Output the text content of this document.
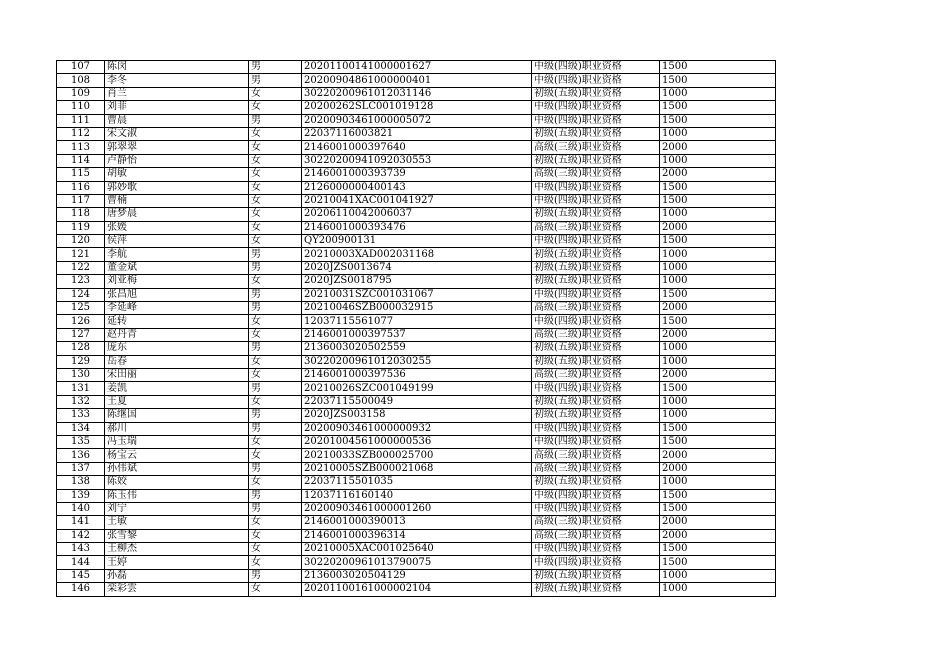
107	陈闵	男	20201100141000001627	中级(四级)职业资格	1500
108	李冬	男	20200904861000000401	中级(四级)职业资格	1500
109	肖兰	女	30220200961012031146	初级(五级)职业资格	1000
110	刘菲	女	20200262SLC001019128	中级(四级)职业资格	1500
111	曹晨	男	20200903461000005072	中级(四级)职业资格	1500
112	宋文淑	女	22037116003821	初级(五级)职业资格	1000
113	郭翠翠	女	2146001000397640	高级(三级)职业资格	2000
114	卢静怡	女	30220200941092030553	初级(五级)职业资格	1000
115	胡敏	女	2146001000393739	高级(三级)职业资格	2000
116	郭妙歌	女	2126000000400143	中级(四级)职业资格	1500
117	曹楠	女	20210041XAC001041927	中级(四级)职业资格	1500
118	唐梦晨	女	20206110042006037	初级(五级)职业资格	1000
119	张媛	女	2146001000393476	高级(三级)职业资格	2000
120	侯萍	女	QY200900131	中级(四级)职业资格	1500
121	李航	男	20210003XAD002031168	初级(五级)职业资格	1000
122	董金斌	男	2020JZS0013674	初级(五级)职业资格	1000
123	刘亚梅	女	2020JZS0018795	初级(五级)职业资格	1000
124	张昌旭	男	20210031SZC001031067	中级(四级)职业资格	1500
125	李延峰	男	20210046SZB000032915	高级(三级)职业资格	2000
126	延转	女	12037115561077	中级(四级)职业资格	1500
127	赵丹青	女	2146001000397537	高级(三级)职业资格	2000
128	庞东	男	2136003020502559	初级(五级)职业资格	1000
129	岳春	女	30220200961012030255	初级(五级)职业资格	1000
130	宋田丽	女	2146001000397536	高级(三级)职业资格	2000
131	姜凯	男	20210026SZC001049199	中级(四级)职业资格	1500
132	王夏	女	22037115500049	初级(五级)职业资格	1000
133	陈继国	男	2020JZS003158	初级(五级)职业资格	1000
134	郝川	男	20200903461000000932	中级(四级)职业资格	1500
135	冯玉瑞	女	20201004561000000536	中级(四级)职业资格	1500
136	杨宝云	女	20210033SZB000025700	高级(三级)职业资格	2000
137	孙伟斌	男	20210005SZB000021068	高级(三级)职业资格	2000
138	陈姣	女	22037115501035	初级(五级)职业资格	1000
139	陈玉伟	男	12037116160140	中级(四级)职业资格	1500
140	刘宁	男	20200903461000001260	中级(四级)职业资格	1500
141	王敏	女	2146001000390013	高级(三级)职业资格	2000
142	张雪黎	女	2146001000396314	高级(三级)职业资格	2000
143	王柳杰	女	20210005XAC001025640	中级(四级)职业资格	1500
144	王婷	女	30220200961013790075	中级(四级)职业资格	1500
145	孙磊	男	2136003020504129	初级(五级)职业资格	1000
146	栾彩雲	女	20201100161000002104	初级(五级)职业资格	1000
